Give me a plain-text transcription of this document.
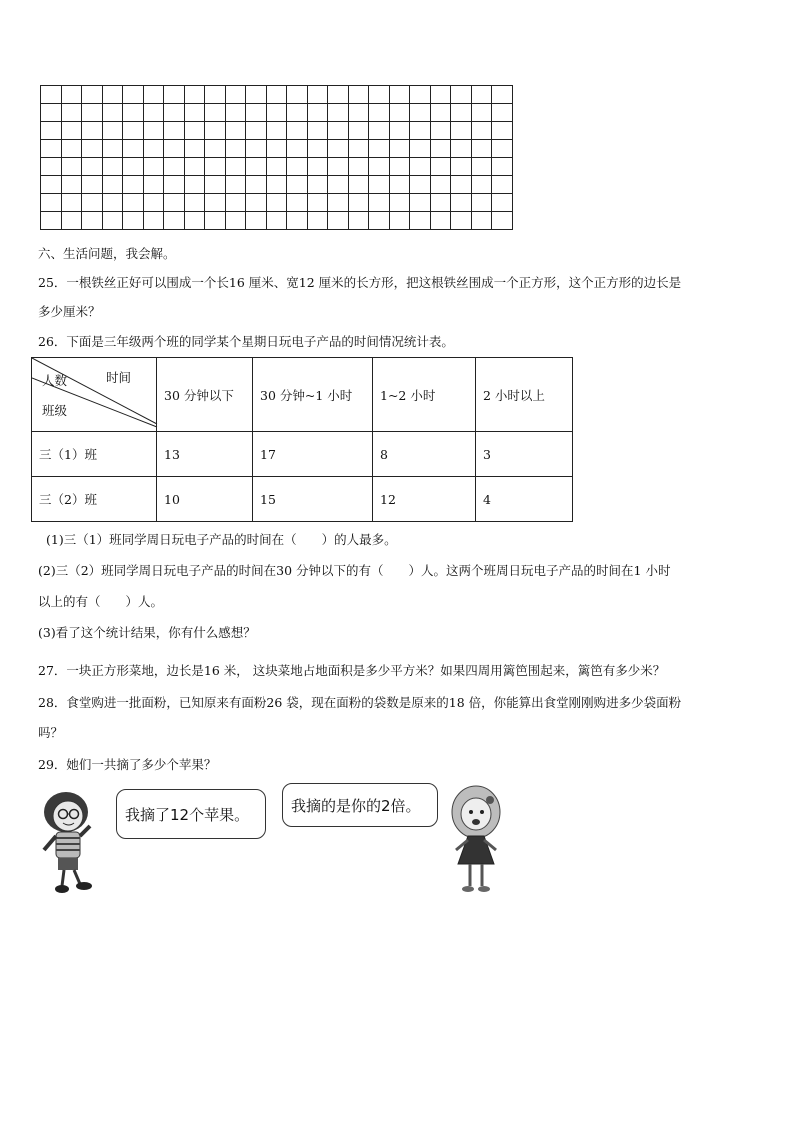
六、生活问题，我会解。
25．一根铁丝正好可以围成一个长16 厘米、宽12 厘米的长方形，把这根铁丝围成一个正方形，这个正方形的边长是
多少厘米？
26．下面是三年级两个班的同学某个星期日玩电子产品的时间情况统计表。
时间
人数
班级	30 分钟以下	30 分钟~1 小时	1~2 小时	2 小时以上
三（1）班	13	17	8	3
三（2）班	10	15	12	4
(1)三（1）班同学周日玩电子产品的时间在（　　）的人最多。
(2)三（2）班同学周日玩电子产品的时间在30 分钟以下的有（　　）人。这两个班周日玩电子产品的时间在1 小时
以上的有（　　）人。
(3)看了这个统计结果，你有什么感想？
27．一块正方形菜地，边长是16 米， 这块菜地占地面积是多少平方米？如果四周用篱笆围起来，篱笆有多少米？
28．食堂购进一批面粉，已知原来有面粉26 袋，现在面粉的袋数是原来的18 倍，你能算出食堂刚刚购进多少袋面粉
吗？
29．她们一共摘了多少个苹果？
我摘了12个苹果。	我摘的是你的2倍。
